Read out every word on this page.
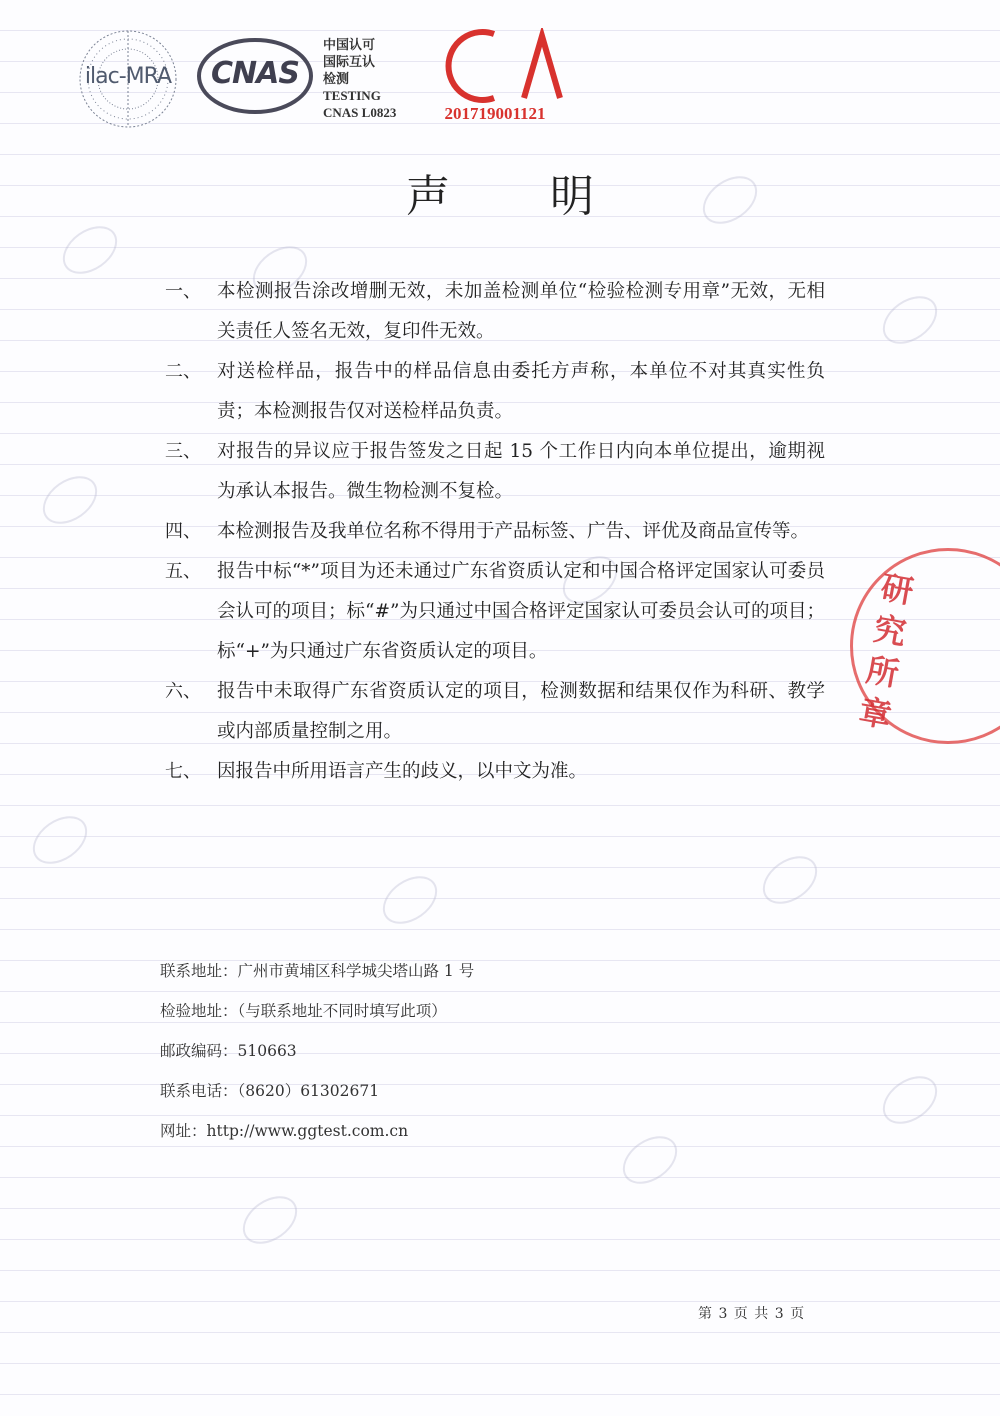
ilac-MRA	CNAS
中国认可
国际互认
检测
TESTING
CNAS L0823	201719001121
声明
一、 本检测报告涂改增删无效，未加盖检测单位“检验检测专用章”无效，无相关责任人签名无效，复印件无效。
二、 对送检样品，报告中的样品信息由委托方声称，本单位不对其真实性负责；本检测报告仅对送检样品负责。
三、 对报告的异议应于报告签发之日起 15 个工作日内向本单位提出，逾期视为承认本报告。微生物检测不复检。
四、 本检测报告及我单位名称不得用于产品标签、广告、评优及商品宣传等。
五、 报告中标“*”项目为还未通过广东省资质认定和中国合格评定国家认可委员会认可的项目；标“#”为只通过中国合格评定国家认可委员会认可的项目；标“+”为只通过广东省资质认定的项目。
六、 报告中未取得广东省资质认定的项目，检测数据和结果仅作为科研、教学或内部质量控制之用。
七、 因报告中所用语言产生的歧义，以中文为准。
研
究
所
章
联系地址：广州市黄埔区科学城尖塔山路 1 号
检验地址：（与联系地址不同时填写此项）
邮政编码：510663
联系电话：（8620）61302671
网址：http://www.ggtest.com.cn
第 3 页 共 3 页
